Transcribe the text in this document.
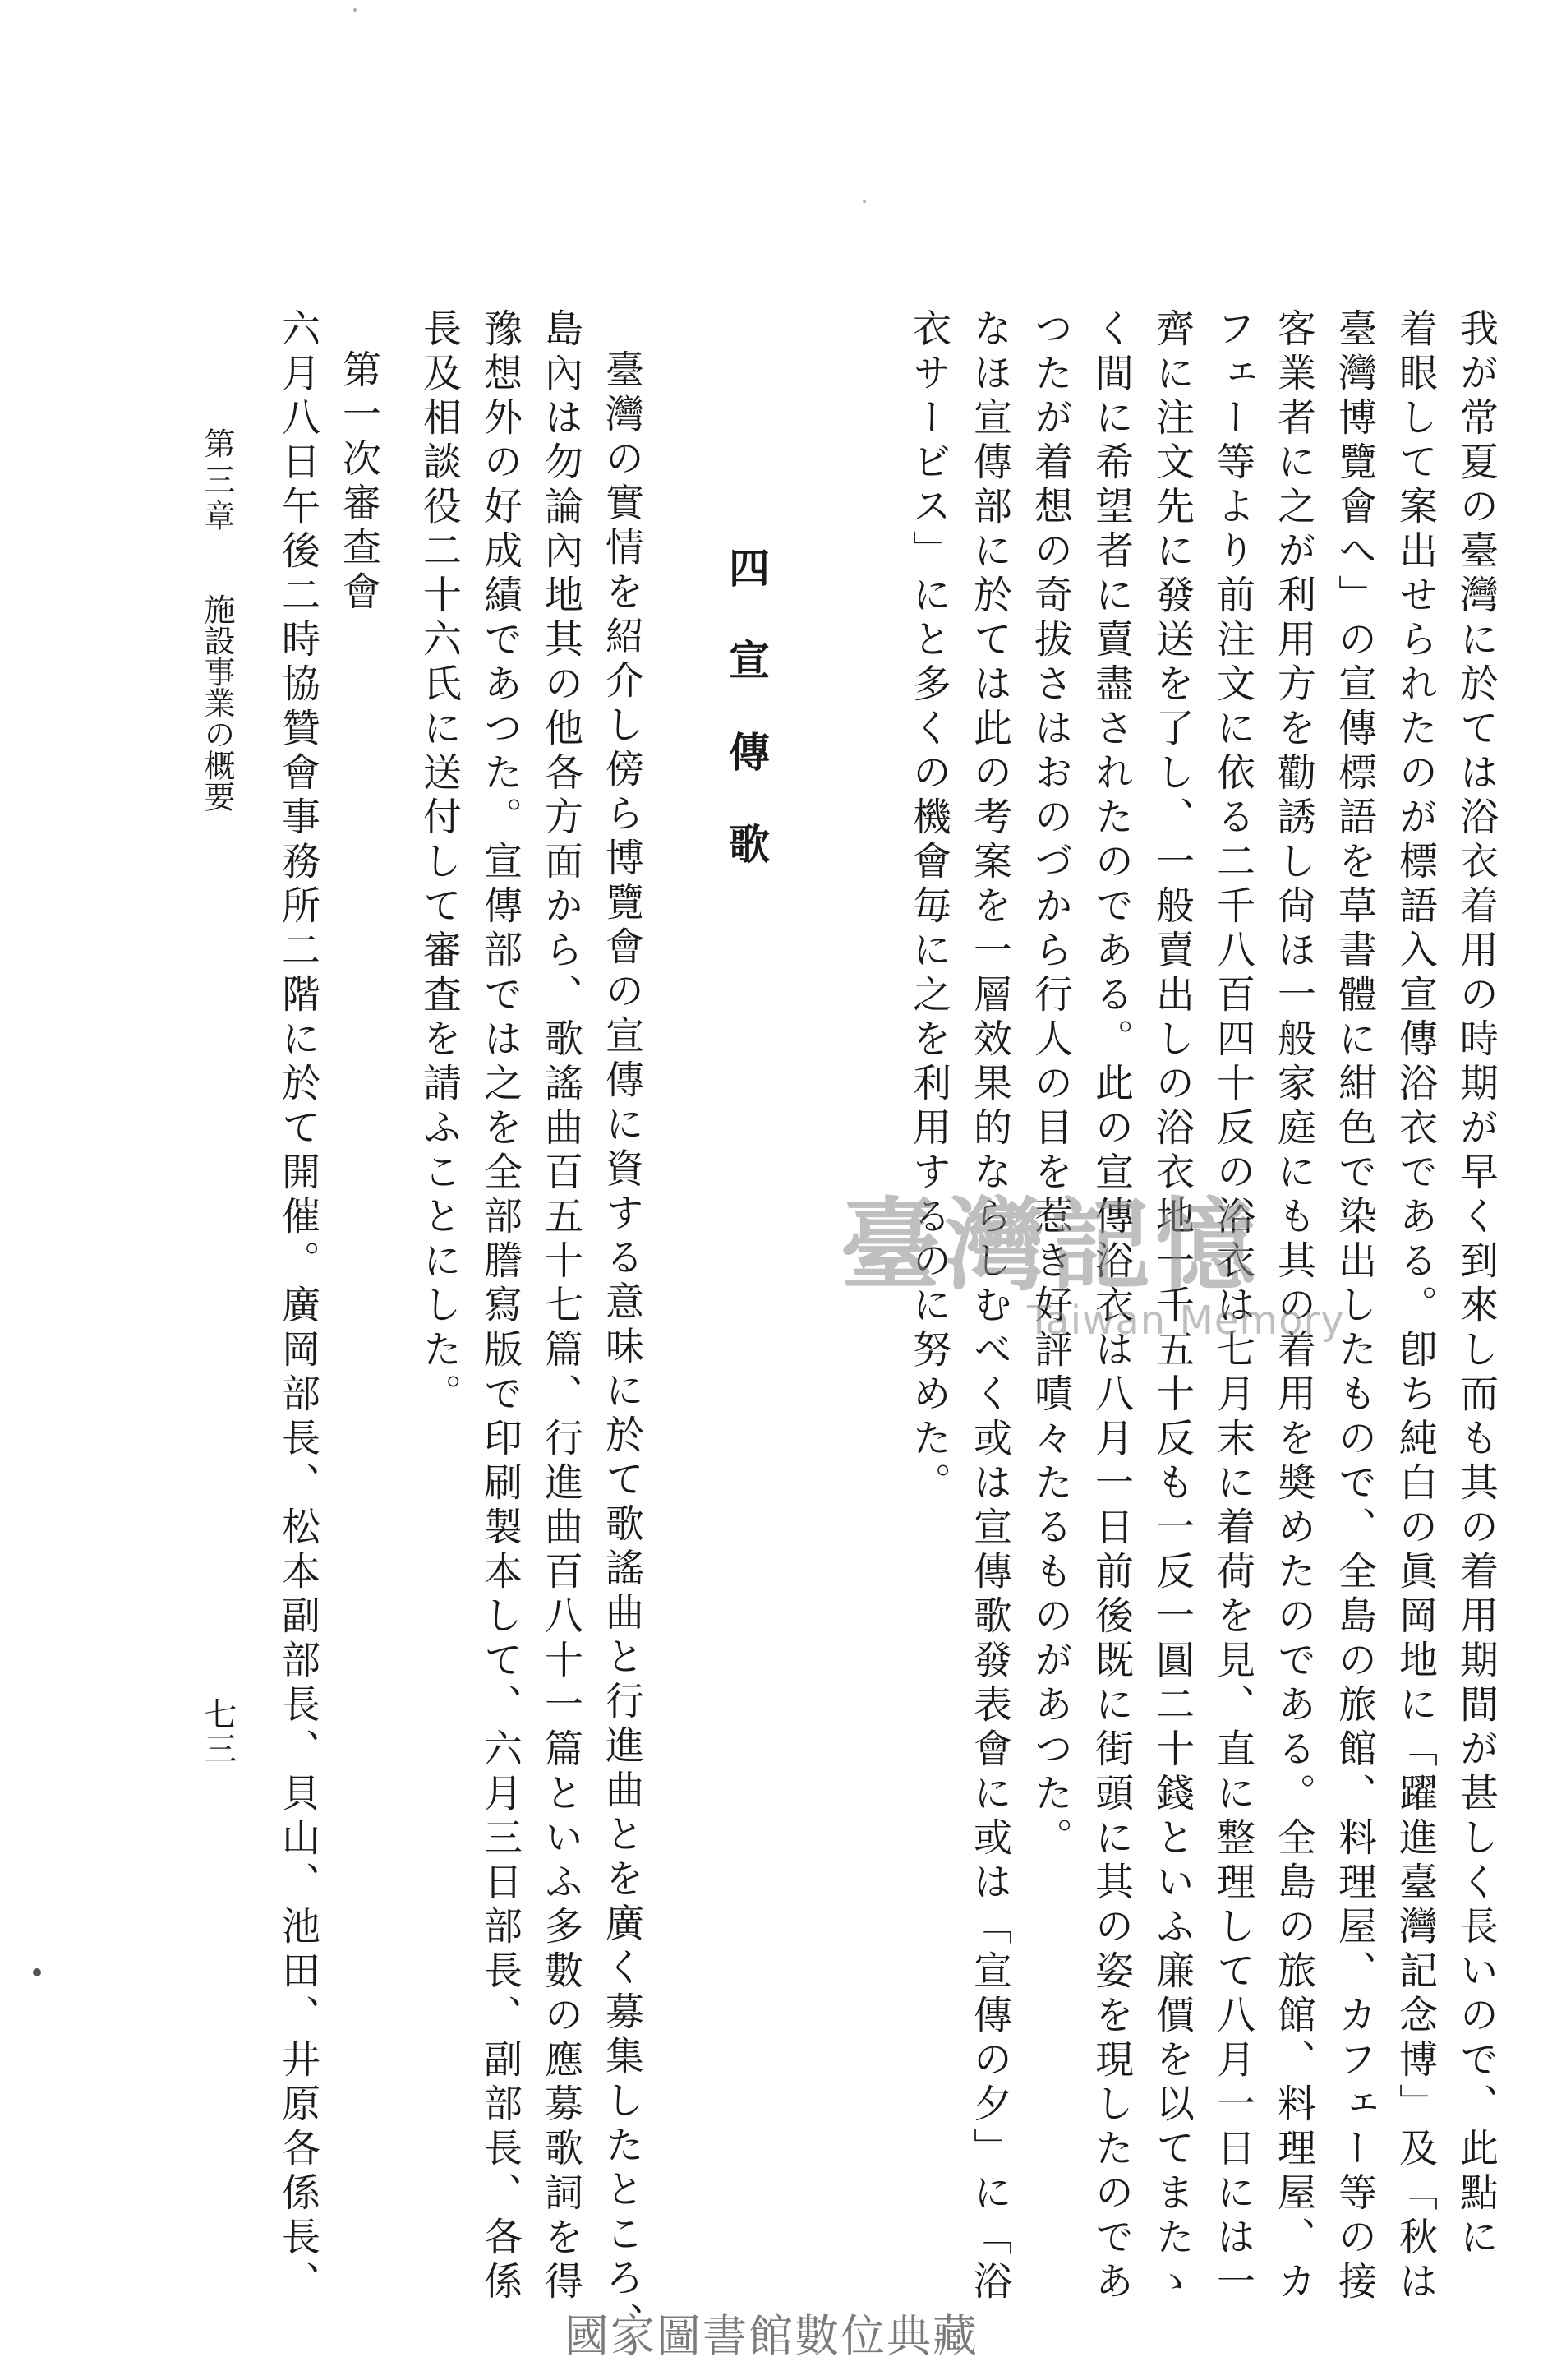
我が常夏の臺灣に於ては浴衣着用の時期が早く到來し而も其の着用期間が甚しく長いので、此點に
着眼して案出せられたのが標語入宣傳浴衣である。卽ち純白の眞岡地に「躍進臺灣記念博」及「秋は
臺灣博覽會へ」の宣傳標語を草書體に紺色で染出したもので、全島の旅館、料理屋、カフェー等の接
客業者に之が利用方を勸誘し尙ほ一般家庭にも其の着用を奬めたのである。全島の旅館、料理屋、カ
フェー等より前注文に依る二千八百四十反の浴衣は七月末に着荷を見、直に整理して八月一日には一
齊に注文先に發送を了し、一般賣出しの浴衣地一千五十反も一反一圓二十錢といふ廉價を以てまたゝ
く間に希望者に賣盡されたのである。此の宣傳浴衣は八月一日前後既に街頭に其の姿を現したのであ
つたが着想の奇拔さはおのづから行人の目を惹き好評嘖々たるものがあつた。
なほ宣傳部に於ては此の考案を一層效果的ならしむべく或は宣傳歌發表會に或は「宣傳の夕」に「浴
衣サービス」にと多くの機會毎に之を利用するのに努めた。
四宣傳歌
臺灣の實情を紹介し傍ら博覽會の宣傳に資する意味に於て歌謠曲と行進曲とを廣く募集したところ、
島內は勿論內地其の他各方面から、歌謠曲百五十七篇、行進曲百八十一篇といふ多數の應募歌詞を得
豫想外の好成績であつた。宣傳部では之を全部謄寫版で印刷製本して、六月三日部長、副部長、各係
長及相談役二十六氏に送付して審査を請ふことにした。
第一次審查會
六月八日午後二時協贊會事務所二階に於て開催。廣岡部長、松本副部長、貝山、池田、井原各係長、
第三章施設事業の概要
七三
臺灣記憶
Taiwan Memory
國家圖書館數位典藏
